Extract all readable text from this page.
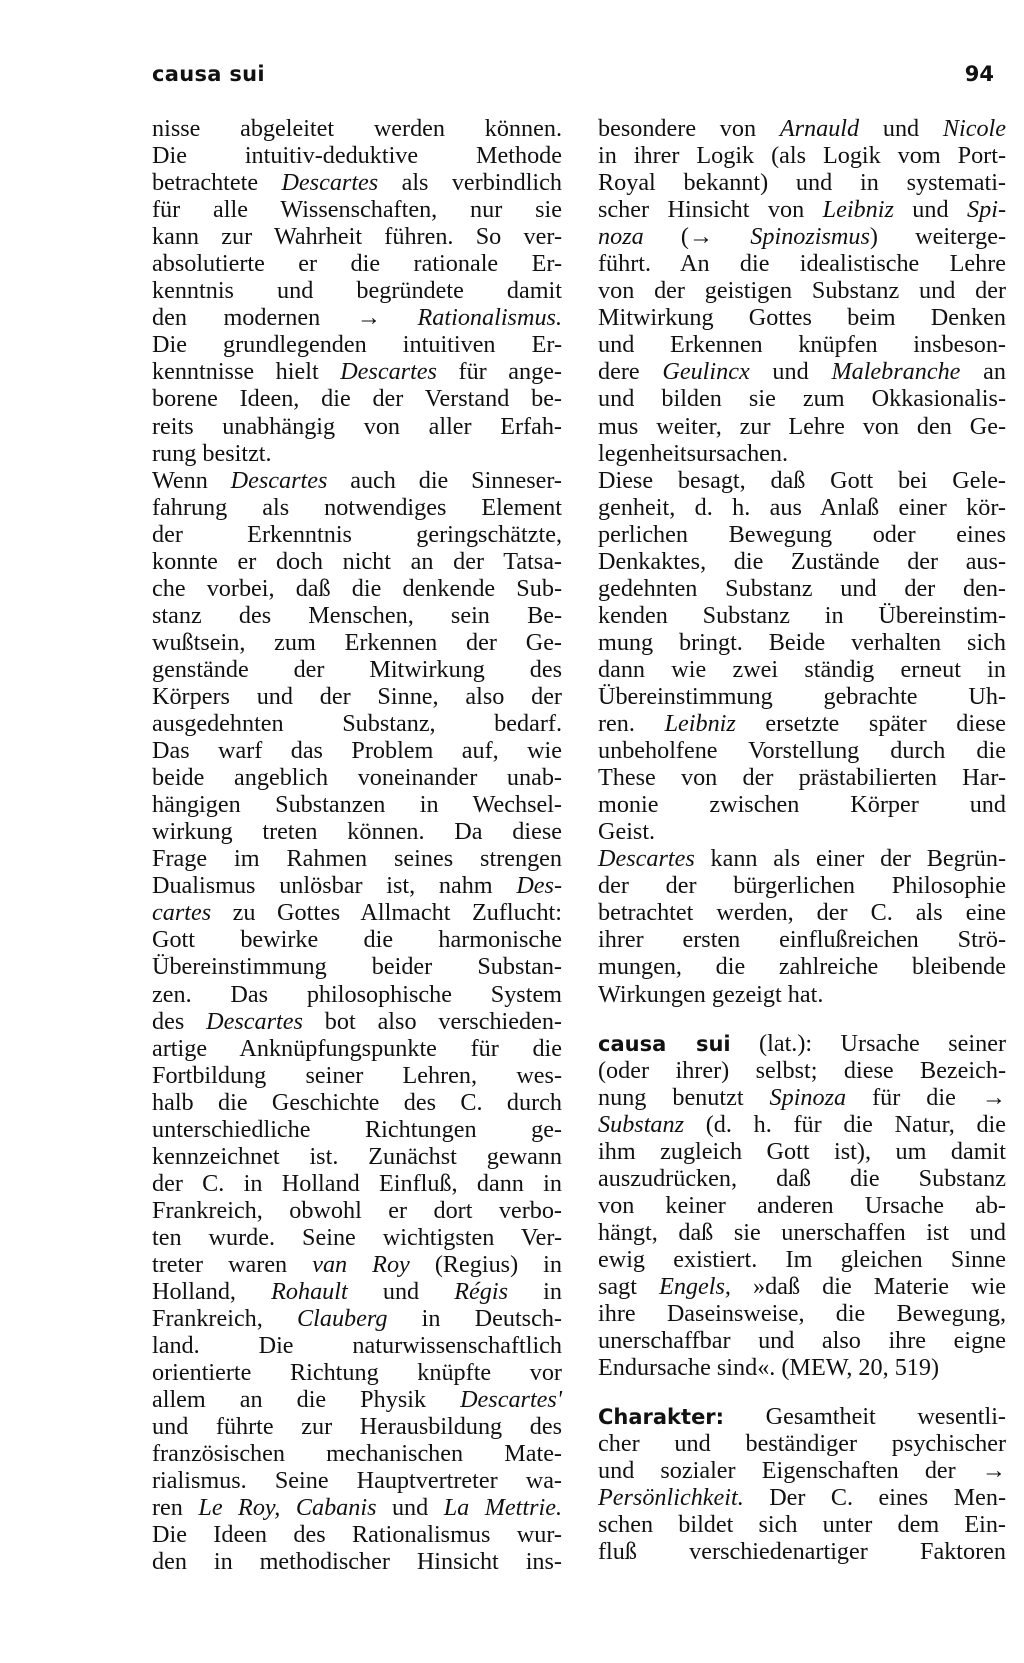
causa sui	94
nisse abgeleitet werden können.
Die intuitiv-deduktive Methode
betrachtete Descartes als verbindlich
für alle Wissenschaften, nur sie
kann zur Wahrheit führen. So ver-
absolutierte er die rationale Er-
kenntnis und begründete damit
den modernen → Rationalismus.
Die grundlegenden intuitiven Er-
kenntnisse hielt Descartes für ange-
borene Ideen, die der Verstand be-
reits unabhängig von aller Erfah-
rung besitzt.
Wenn Descartes auch die Sinneser-
fahrung als notwendiges Element
der Erkenntnis geringschätzte,
konnte er doch nicht an der Tatsa-
che vorbei, daß die denkende Sub-
stanz des Menschen, sein Be-
wußtsein, zum Erkennen der Ge-
genstände der Mitwirkung des
Körpers und der Sinne, also der
ausgedehnten Substanz, bedarf.
Das warf das Problem auf, wie
beide angeblich voneinander unab-
hängigen Substanzen in Wechsel-
wirkung treten können. Da diese
Frage im Rahmen seines strengen
Dualismus unlösbar ist, nahm Des-
cartes zu Gottes Allmacht Zuflucht:
Gott bewirke die harmonische
Übereinstimmung beider Substan-
zen. Das philosophische System
des Descartes bot also verschieden-
artige Anknüpfungspunkte für die
Fortbildung seiner Lehren, wes-
halb die Geschichte des C. durch
unterschiedliche Richtungen ge-
kennzeichnet ist. Zunächst gewann
der C. in Holland Einfluß, dann in
Frankreich, obwohl er dort verbo-
ten wurde. Seine wichtigsten Ver-
treter waren van Roy (Regius) in
Holland, Rohault und Régis in
Frankreich, Clauberg in Deutsch-
land. Die naturwissenschaftlich
orientierte Richtung knüpfte vor
allem an die Physik Descartes'
und führte zur Herausbildung des
französischen mechanischen Mate-
rialismus. Seine Hauptvertreter wa-
ren Le Roy, Cabanis und La Mettrie.
Die Ideen des Rationalismus wur-
den in methodischer Hinsicht ins-
besondere von Arnauld und Nicole
in ihrer Logik (als Logik vom Port-
Royal bekannt) und in systemati-
scher Hinsicht von Leibniz und Spi-
noza (→ Spinozismus) weiterge-
führt. An die idealistische Lehre
von der geistigen Substanz und der
Mitwirkung Gottes beim Denken
und Erkennen knüpfen insbeson-
dere Geulincx und Malebranche an
und bilden sie zum Okkasionalis-
mus weiter, zur Lehre von den Ge-
legenheitsursachen.
Diese besagt, daß Gott bei Gele-
genheit, d. h. aus Anlaß einer kör-
perlichen Bewegung oder eines
Denkaktes, die Zustände der aus-
gedehnten Substanz und der den-
kenden Substanz in Übereinstim-
mung bringt. Beide verhalten sich
dann wie zwei ständig erneut in
Übereinstimmung gebrachte Uh-
ren. Leibniz ersetzte später diese
unbeholfene Vorstellung durch die
These von der prästabilierten Har-
monie zwischen Körper und
Geist.
Descartes kann als einer der Begrün-
der der bürgerlichen Philosophie
betrachtet werden, der C. als eine
ihrer ersten einflußreichen Strö-
mungen, die zahlreiche bleibende
Wirkungen gezeigt hat.
causa sui (lat.): Ursache seiner
(oder ihrer) selbst; diese Bezeich-
nung benutzt Spinoza für die →
Substanz (d. h. für die Natur, die
ihm zugleich Gott ist), um damit
auszudrücken, daß die Substanz
von keiner anderen Ursache ab-
hängt, daß sie unerschaffen ist und
ewig existiert. Im gleichen Sinne
sagt Engels, »daß die Materie wie
ihre Daseinsweise, die Bewegung,
unerschaffbar und also ihre eigne
Endursache sind«. (MEW, 20, 519)
Charakter: Gesamtheit wesentli-
cher und beständiger psychischer
und sozialer Eigenschaften der →
Persönlichkeit. Der C. eines Men-
schen bildet sich unter dem Ein-
fluß verschiedenartiger Faktoren
